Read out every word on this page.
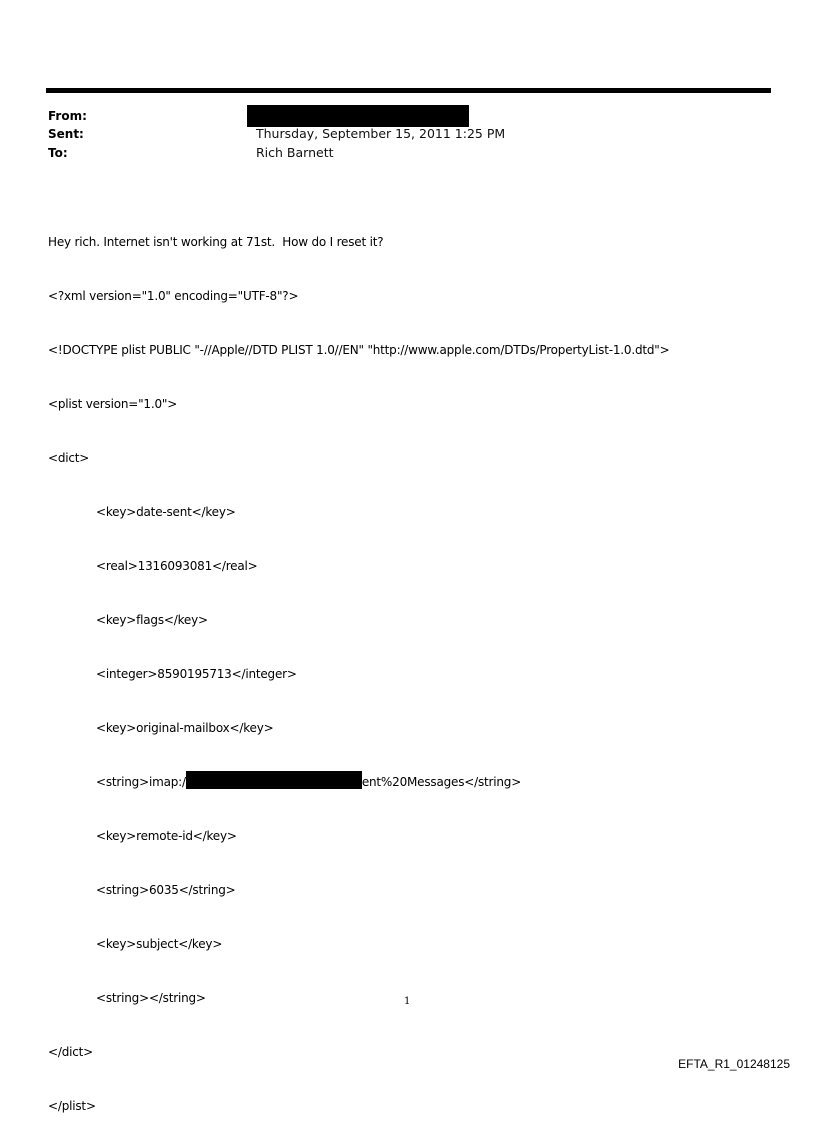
From:
Sent:	Thursday, September 15, 2011 1:25 PM
To:	Rich Barnett

Hey rich. Internet isn't working at 71st.  How do I reset it?

<?xml version="1.0" encoding="UTF-8"?>

<!DOCTYPE plist PUBLIC "-//Apple//DTD PLIST 1.0//EN" "http://www.apple.com/DTDs/PropertyList-1.0.dtd">

<plist version="1.0">

<dict>

<key>date-sent</key>

<real>1316093081</real>

<key>flags</key>

<integer>8590195713</integer>

<key>original-mailbox</key>

<string>imap:/	ent%20Messages</string>

<key>remote-id</key>

<string>6035</string>

<key>subject</key>

<string></string>

</dict>

</plist>

1
EFTA_R1_01248125
